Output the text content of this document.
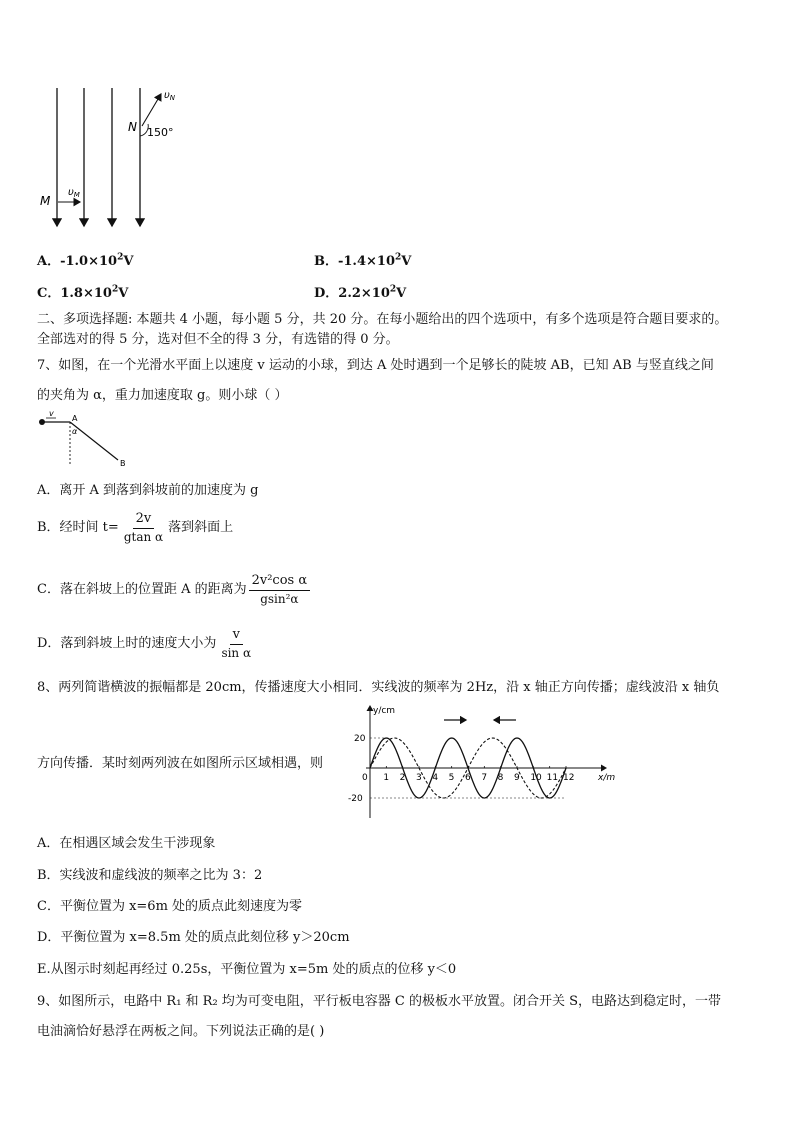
$\upsilon_N$
N 150°
M
$\upsilon_M$
A．$-1.0\times 10^2V$	B．$-1.4\times 10^2V$
C．$1.8\times 10^2V$	D．$2.2\times 10^2V$
二、多项选择题: 本题共 4 小题，每小题 5 分，共 20 分。在每小题给出的四个选项中，有多个选项是符合题目要求的。
全部选对的得 5 分，选对但不全的得 3 分，有选错的得 0 分。
7、如图，在一个光滑水平面上以速度 v 运动的小球，到达 A 处时遇到一个足够长的陡坡 AB，已知 AB 与竖直线之间
的夹角为 α，重力加速度取 g。则小球（ ）
v
A
α
B
A．离开 A 到落到斜坡前的加速度为 g
B．经时间 $t= \frac{2v}{\text{gtan α}}$ 落到斜面上
C．落在斜坡上的位置距 A 的距离为 $\frac{\text{2v²cos α}}{\text{gsin²α}}$
D．落到斜坡上时的速度大小为 $\frac{v}{\text{sin α}}$
8、两列简谐横波的振幅都是 20cm，传播速度大小相同．实线波的频率为 2Hz，沿 x 轴正方向传播；虚线波沿 x 轴负
方向传播．某时刻两列波在如图所示区域相遇，则
y/cm
x/m
20
-20
0 1 2 3 4 5 6 7 8 9 10 11 12
A．在相遇区域会发生干涉现象
B．实线波和虚线波的频率之比为 3：2
C．平衡位置为 x=6m 处的质点此刻速度为零
D．平衡位置为 x=8.5m 处的质点此刻位移 y＞20cm
E.从图示时刻起再经过 0.25s，平衡位置为 x=5m 处的质点的位移 y＜0
9、如图所示，电路中 R₁ 和 R₂ 均为可变电阻，平行板电容器 C 的极板水平放置。闭合开关 S，电路达到稳定时，一带
电油滴恰好悬浮在两板之间。下列说法正确的是( )
